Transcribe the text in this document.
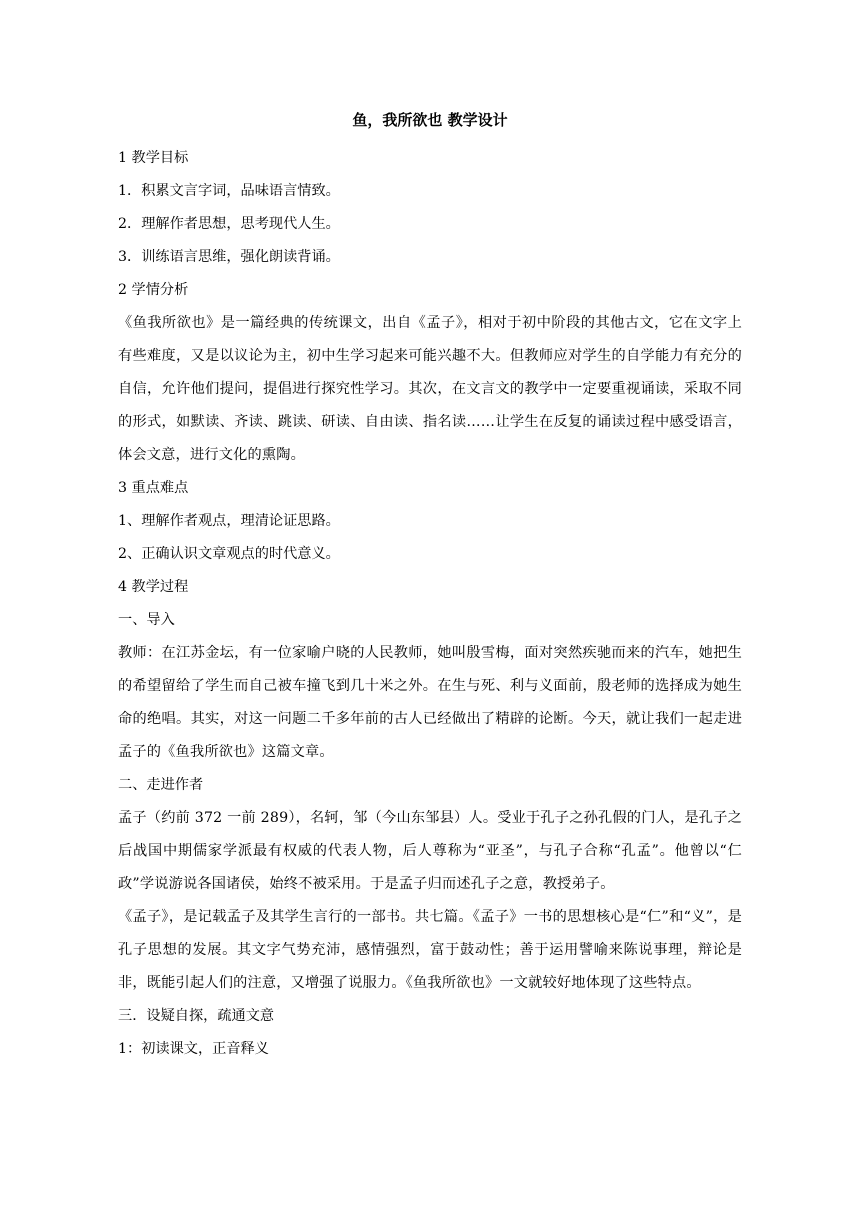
鱼，我所欲也 教学设计
1 教学目标
1．积累文言字词，品味语言情致。
2．理解作者思想，思考现代人生。
3．训练语言思维，强化朗读背诵。
2 学情分析
《鱼我所欲也》是一篇经典的传统课文，出自《孟子》，相对于初中阶段的其他古文，它在文字上有些难度，又是以议论为主，初中生学习起来可能兴趣不大。但教师应对学生的自学能力有充分的自信，允许他们提问，提倡进行探究性学习。其次，在文言文的教学中一定要重视诵读，采取不同的形式，如默读、齐读、跳读、研读、自由读、指名读……让学生在反复的诵读过程中感受语言，体会文意，进行文化的熏陶。
3 重点难点
1、理解作者观点，理清论证思路。
2、正确认识文章观点的时代意义。
4 教学过程
一、导入
教师：在江苏金坛，有一位家喻户晓的人民教师，她叫殷雪梅，面对突然疾驰而来的汽车，她把生的希望留给了学生而自己被车撞飞到几十米之外。在生与死、利与义面前，殷老师的选择成为她生命的绝唱。其实，对这一问题二千多年前的古人已经做出了精辟的论断。今天，就让我们一起走进孟子的《鱼我所欲也》这篇文章。
二、走进作者
孟子（约前 372 一前 289），名轲，邹（今山东邹县）人。受业于孔子之孙孔假的门人，是孔子之后战国中期儒家学派最有权威的代表人物，后人尊称为“亚圣”，与孔子合称“孔孟”。他曾以“仁政”学说游说各国诸侯，始终不被采用。于是孟子归而述孔子之意，教授弟子。
《孟子》，是记载孟子及其学生言行的一部书。共七篇。《孟子》一书的思想核心是“仁”和“义”，是孔子思想的发展。其文字气势充沛，感情强烈，富于鼓动性；善于运用譬喻来陈说事理，辩论是非，既能引起人们的注意，又增强了说服力。《鱼我所欲也》一文就较好地体现了这些特点。
三．设疑自探，疏通文意
1：初读课文，正音释义
